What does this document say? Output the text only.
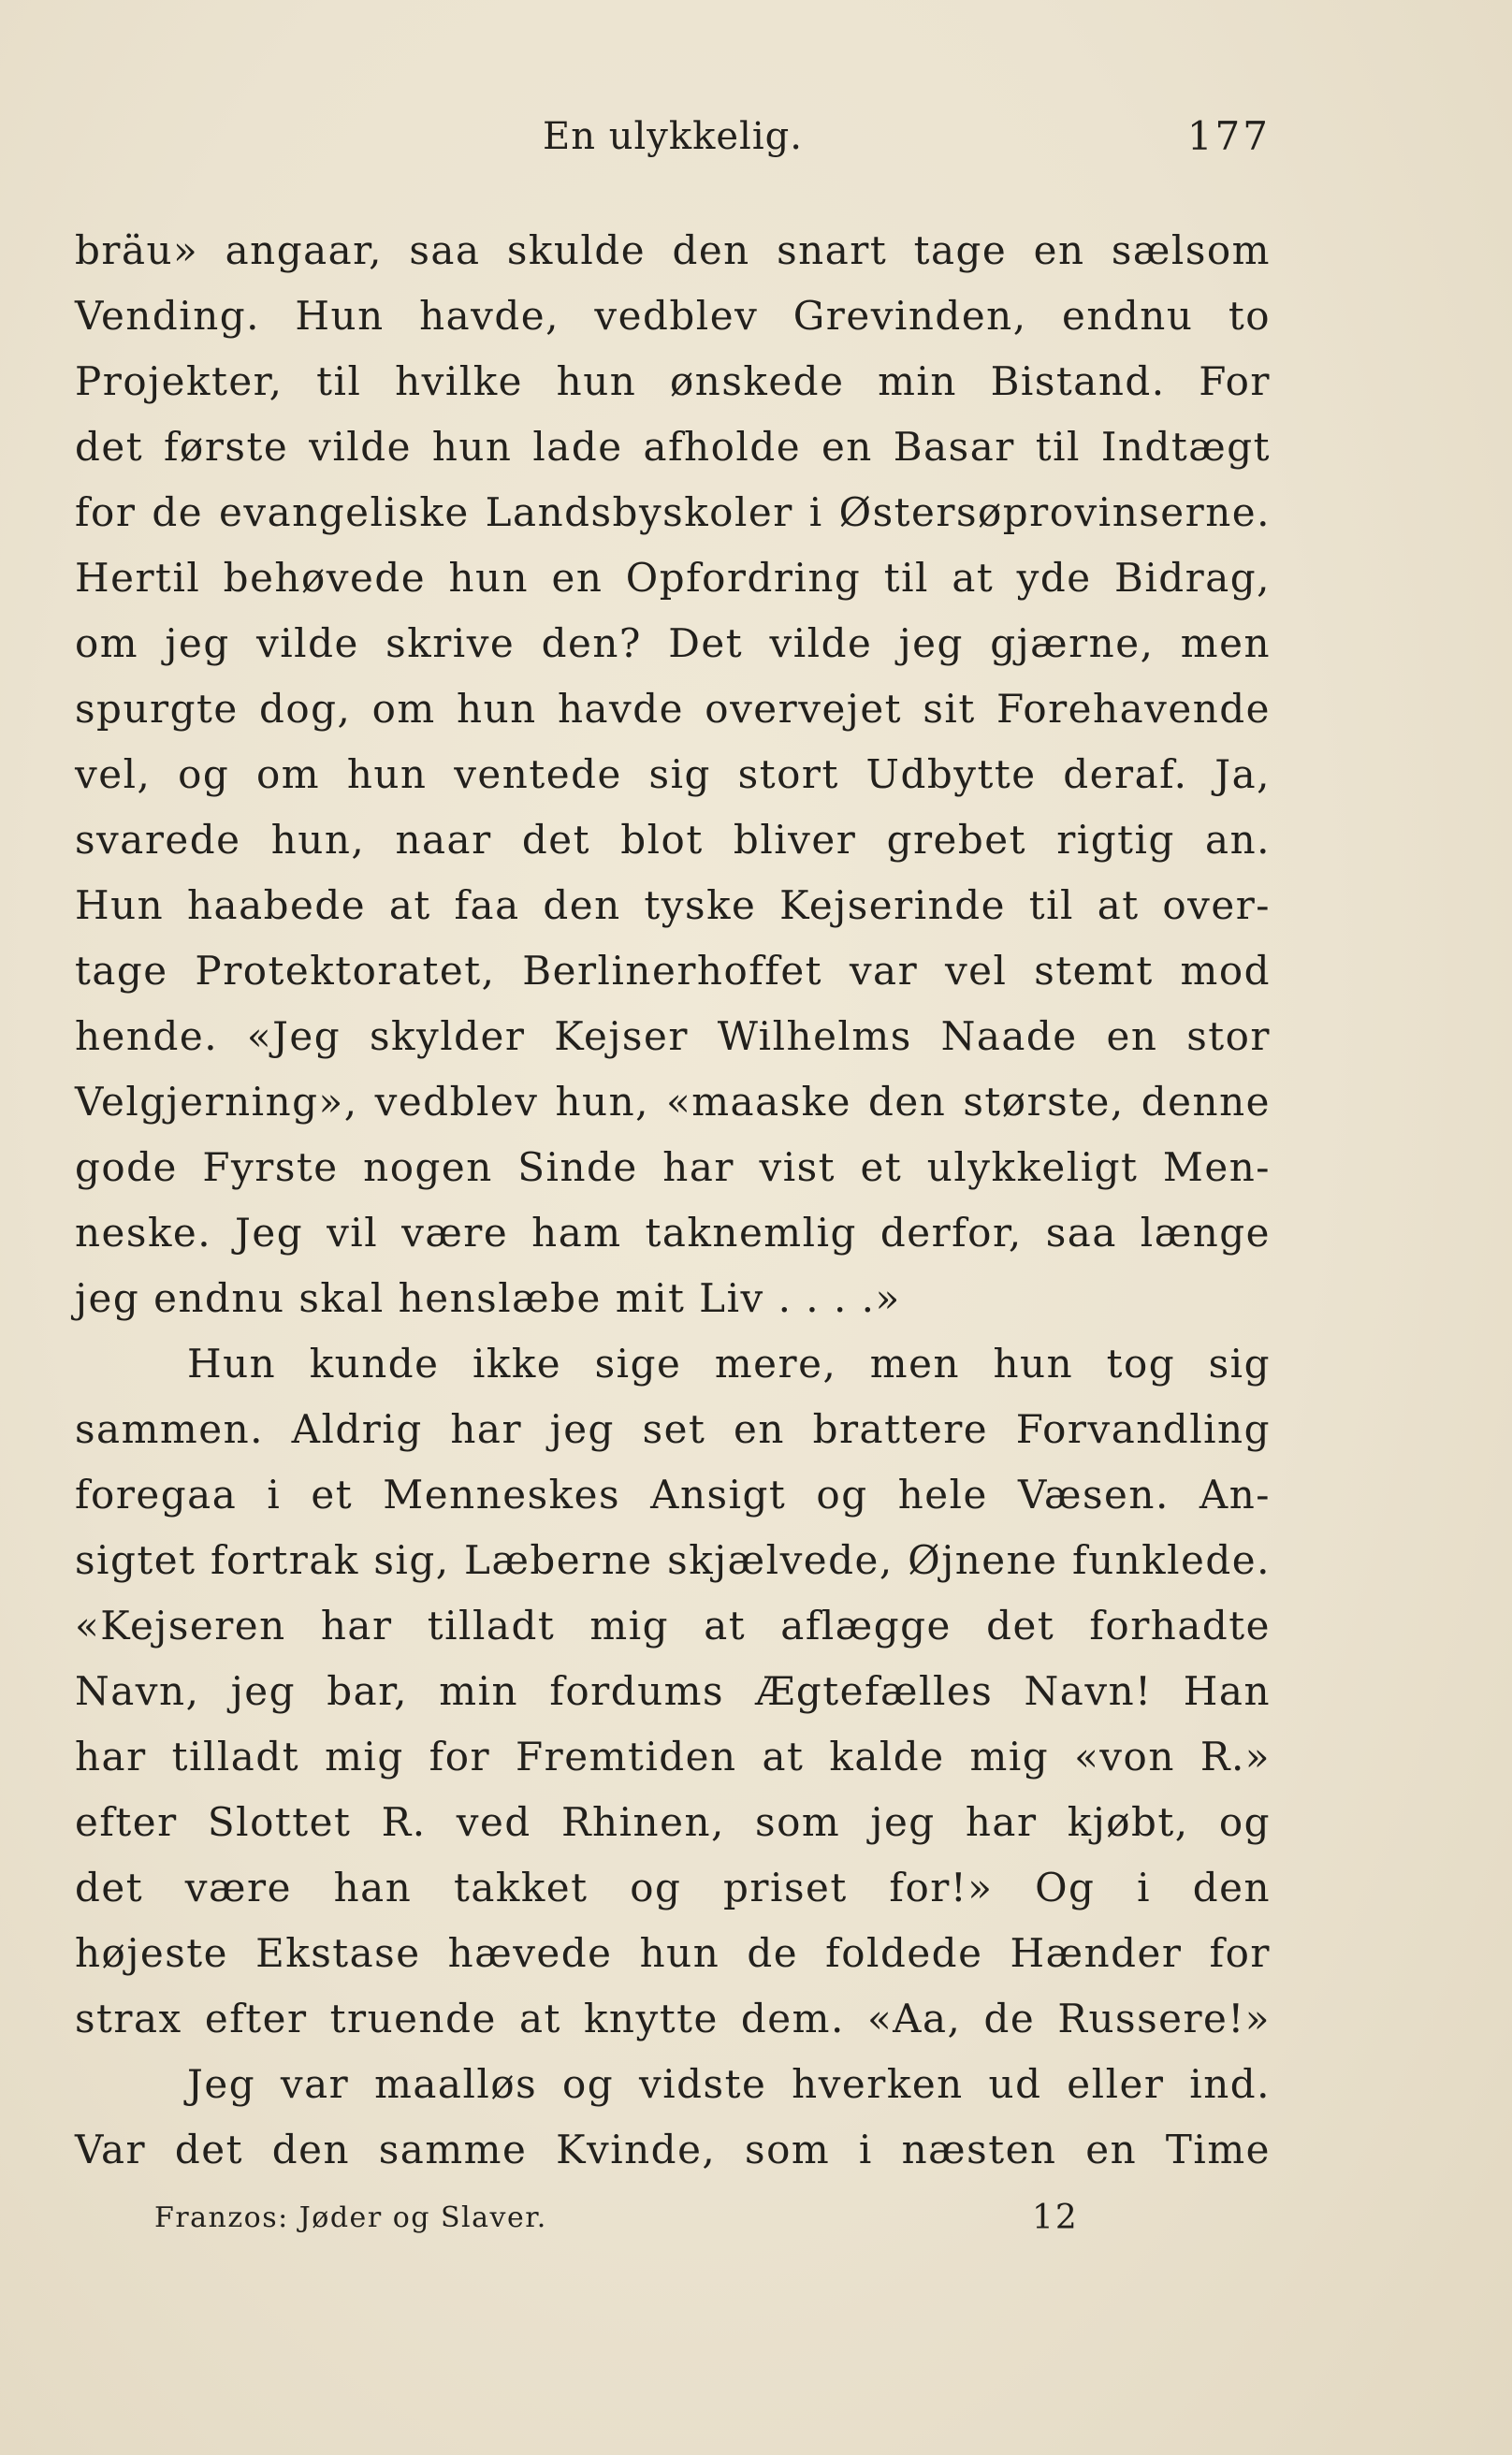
En ulykkelig.	177
bräu» angaar, saa skulde den snart tage en sælsom
Vending. Hun havde, vedblev Grevinden, endnu to
Projekter, til hvilke hun ønskede min Bistand. For
det første vilde hun lade afholde en Basar til Indtægt
for de evangeliske Landsbyskoler i Østersøprovinserne.
Hertil behøvede hun en Opfordring til at yde Bidrag,
om jeg vilde skrive den? Det vilde jeg gjærne, men
spurgte dog, om hun havde overvejet sit Forehavende
vel, og om hun ventede sig stort Udbytte deraf. Ja,
svarede hun, naar det blot bliver grebet rigtig an.
Hun haabede at faa den tyske Kejserinde til at over-
tage Protektoratet, Berlinerhoffet var vel stemt mod
hende. «Jeg skylder Kejser Wilhelms Naade en stor
Velgjerning», vedblev hun, «maaske den største, denne
gode Fyrste nogen Sinde har vist et ulykkeligt Men-
neske. Jeg vil være ham taknemlig derfor, saa længe
jeg endnu skal henslæbe mit Liv . . . .»
Hun kunde ikke sige mere, men hun tog sig
sammen. Aldrig har jeg set en brattere Forvandling
foregaa i et Menneskes Ansigt og hele Væsen. An-
sigtet fortrak sig, Læberne skjælvede, Øjnene funklede.
«Kejseren har tilladt mig at aflægge det forhadte
Navn, jeg bar, min fordums Ægtefælles Navn! Han
har tilladt mig for Fremtiden at kalde mig «von R.»
efter Slottet R. ved Rhinen, som jeg har kjøbt, og
det være han takket og priset for!» Og i den
højeste Ekstase hævede hun de foldede Hænder for
strax efter truende at knytte dem. «Aa, de Russere!»
Jeg var maalløs og vidste hverken ud eller ind.
Var det den samme Kvinde, som i næsten en Time
Franzos: Jøder og Slaver.	12
